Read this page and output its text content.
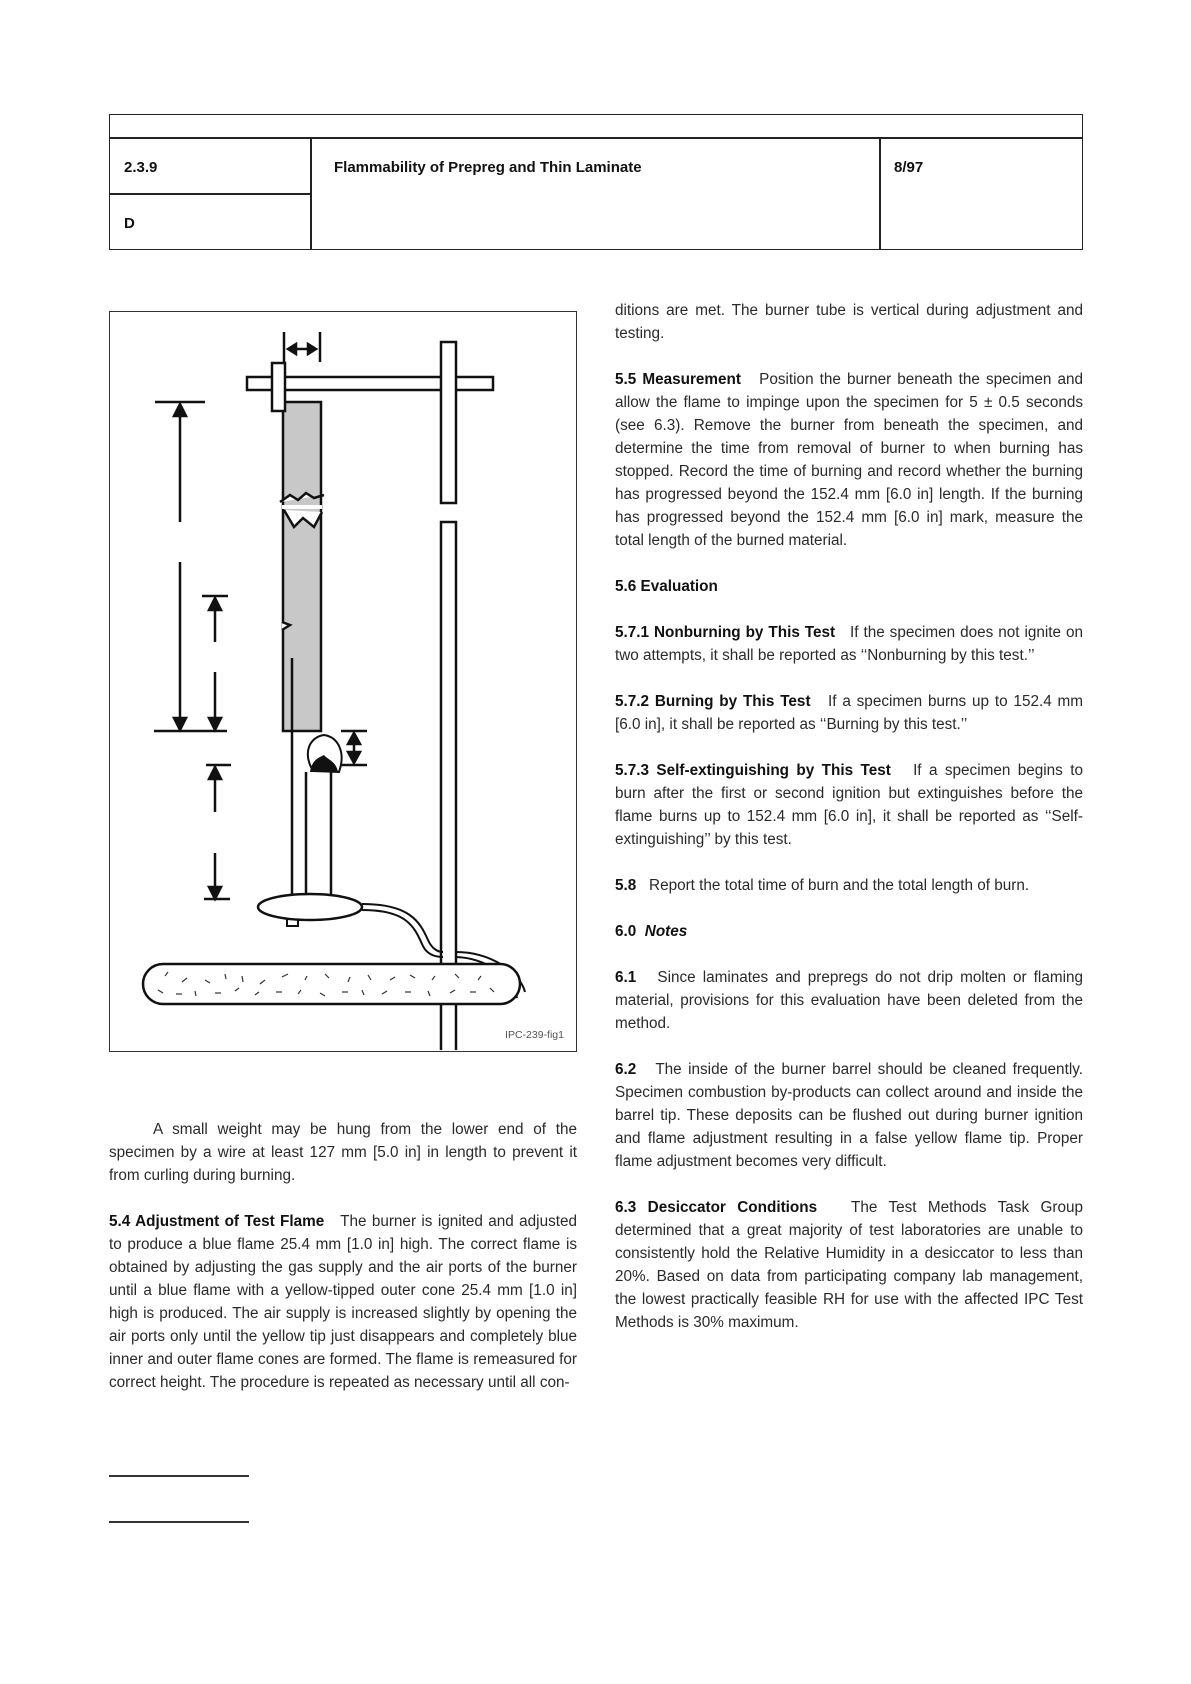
2.3.9
D
Flammability of Prepreg and Thin Laminate	8/97
IPC-239-fig1

A small weight may be hung from the lower end of the specimen by a wire at least 127 mm [5.0 in] in length to prevent it from curling during burning.

5.4 Adjustment of Test Flame The burner is ignited and adjusted to produce a blue flame 25.4 mm [1.0 in] high. The correct flame is obtained by adjusting the gas supply and the air ports of the burner until a blue flame with a yellow-tipped outer cone 25.4 mm [1.0 in] high is produced. The air supply is increased slightly by opening the air ports only until the yellow tip just disappears and completely blue inner and outer flame cones are formed. The flame is remeasured for correct height. The procedure is repeated as necessary until all con-

ditions are met. The burner tube is vertical during adjustment and testing.

5.5 Measurement Position the burner beneath the specimen and allow the flame to impinge upon the specimen for 5 ± 0.5 seconds (see 6.3). Remove the burner from beneath the specimen, and determine the time from removal of burner to when burning has stopped. Record the time of burning and record whether the burning has progressed beyond the 152.4 mm [6.0 in] length. If the burning has progressed beyond the 152.4 mm [6.0 in] mark, measure the total length of the burned material.

5.6 Evaluation

5.7.1 Nonburning by This Test If the specimen does not ignite on two attempts, it shall be reported as ‘‘Nonburning by this test.’’

5.7.2 Burning by This Test If a specimen burns up to 152.4 mm [6.0 in], it shall be reported as ‘‘Burning by this test.’’

5.7.3 Self-extinguishing by This Test If a specimen begins to burn after the first or second ignition but extinguishes before the flame burns up to 152.4 mm [6.0 in], it shall be reported as ‘‘Self-extinguishing’’ by this test.

5.8 Report the total time of burn and the total length of burn.

6.0 Notes

6.1 Since laminates and prepregs do not drip molten or flaming material, provisions for this evaluation have been deleted from the method.

6.2 The inside of the burner barrel should be cleaned frequently. Specimen combustion by-products can collect around and inside the barrel tip. These deposits can be flushed out during burner ignition and flame adjustment resulting in a false yellow flame tip. Proper flame adjustment becomes very difficult.

6.3 Desiccator Conditions The Test Methods Task Group determined that a great majority of test laboratories are unable to consistently hold the Relative Humidity in a desiccator to less than 20%. Based on data from participating company lab management, the lowest practically feasible RH for use with the affected IPC Test Methods is 30% maximum.
